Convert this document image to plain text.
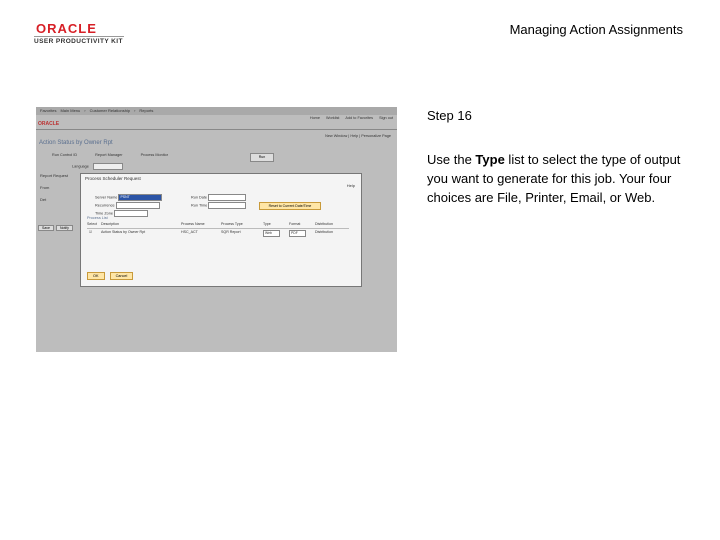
ORACLE
USER PRODUCTIVITY KIT
Managing Action Assignments
Favorites Main Menu › Customer Relationship › Reports
Home Worklist Add to Favorites Sign out
ORACLE
New Window | Help | Personalize Page
Action Status by Owner Rpt
Run Control ID	Report Manager	Process Monitor	Run
Language
Report Request
From
Det
Save	Notify
Process Scheduler Request
Help
Server Name PSNT	Run Date
Recurrence	Run Time	Reset to Current Date/Time
Time Zone
Process List
Select Description	Process Name	Process Type	Type	Format	Distribution
☑ Action Status by Owner Rpt	HSC_ACT	SQR Report	Web	PDF	Distribution
OK	Cancel
Step 16
Use the Type list to select the type of output you want to generate for this job. Your four choices are File, Printer, Email, or Web.
